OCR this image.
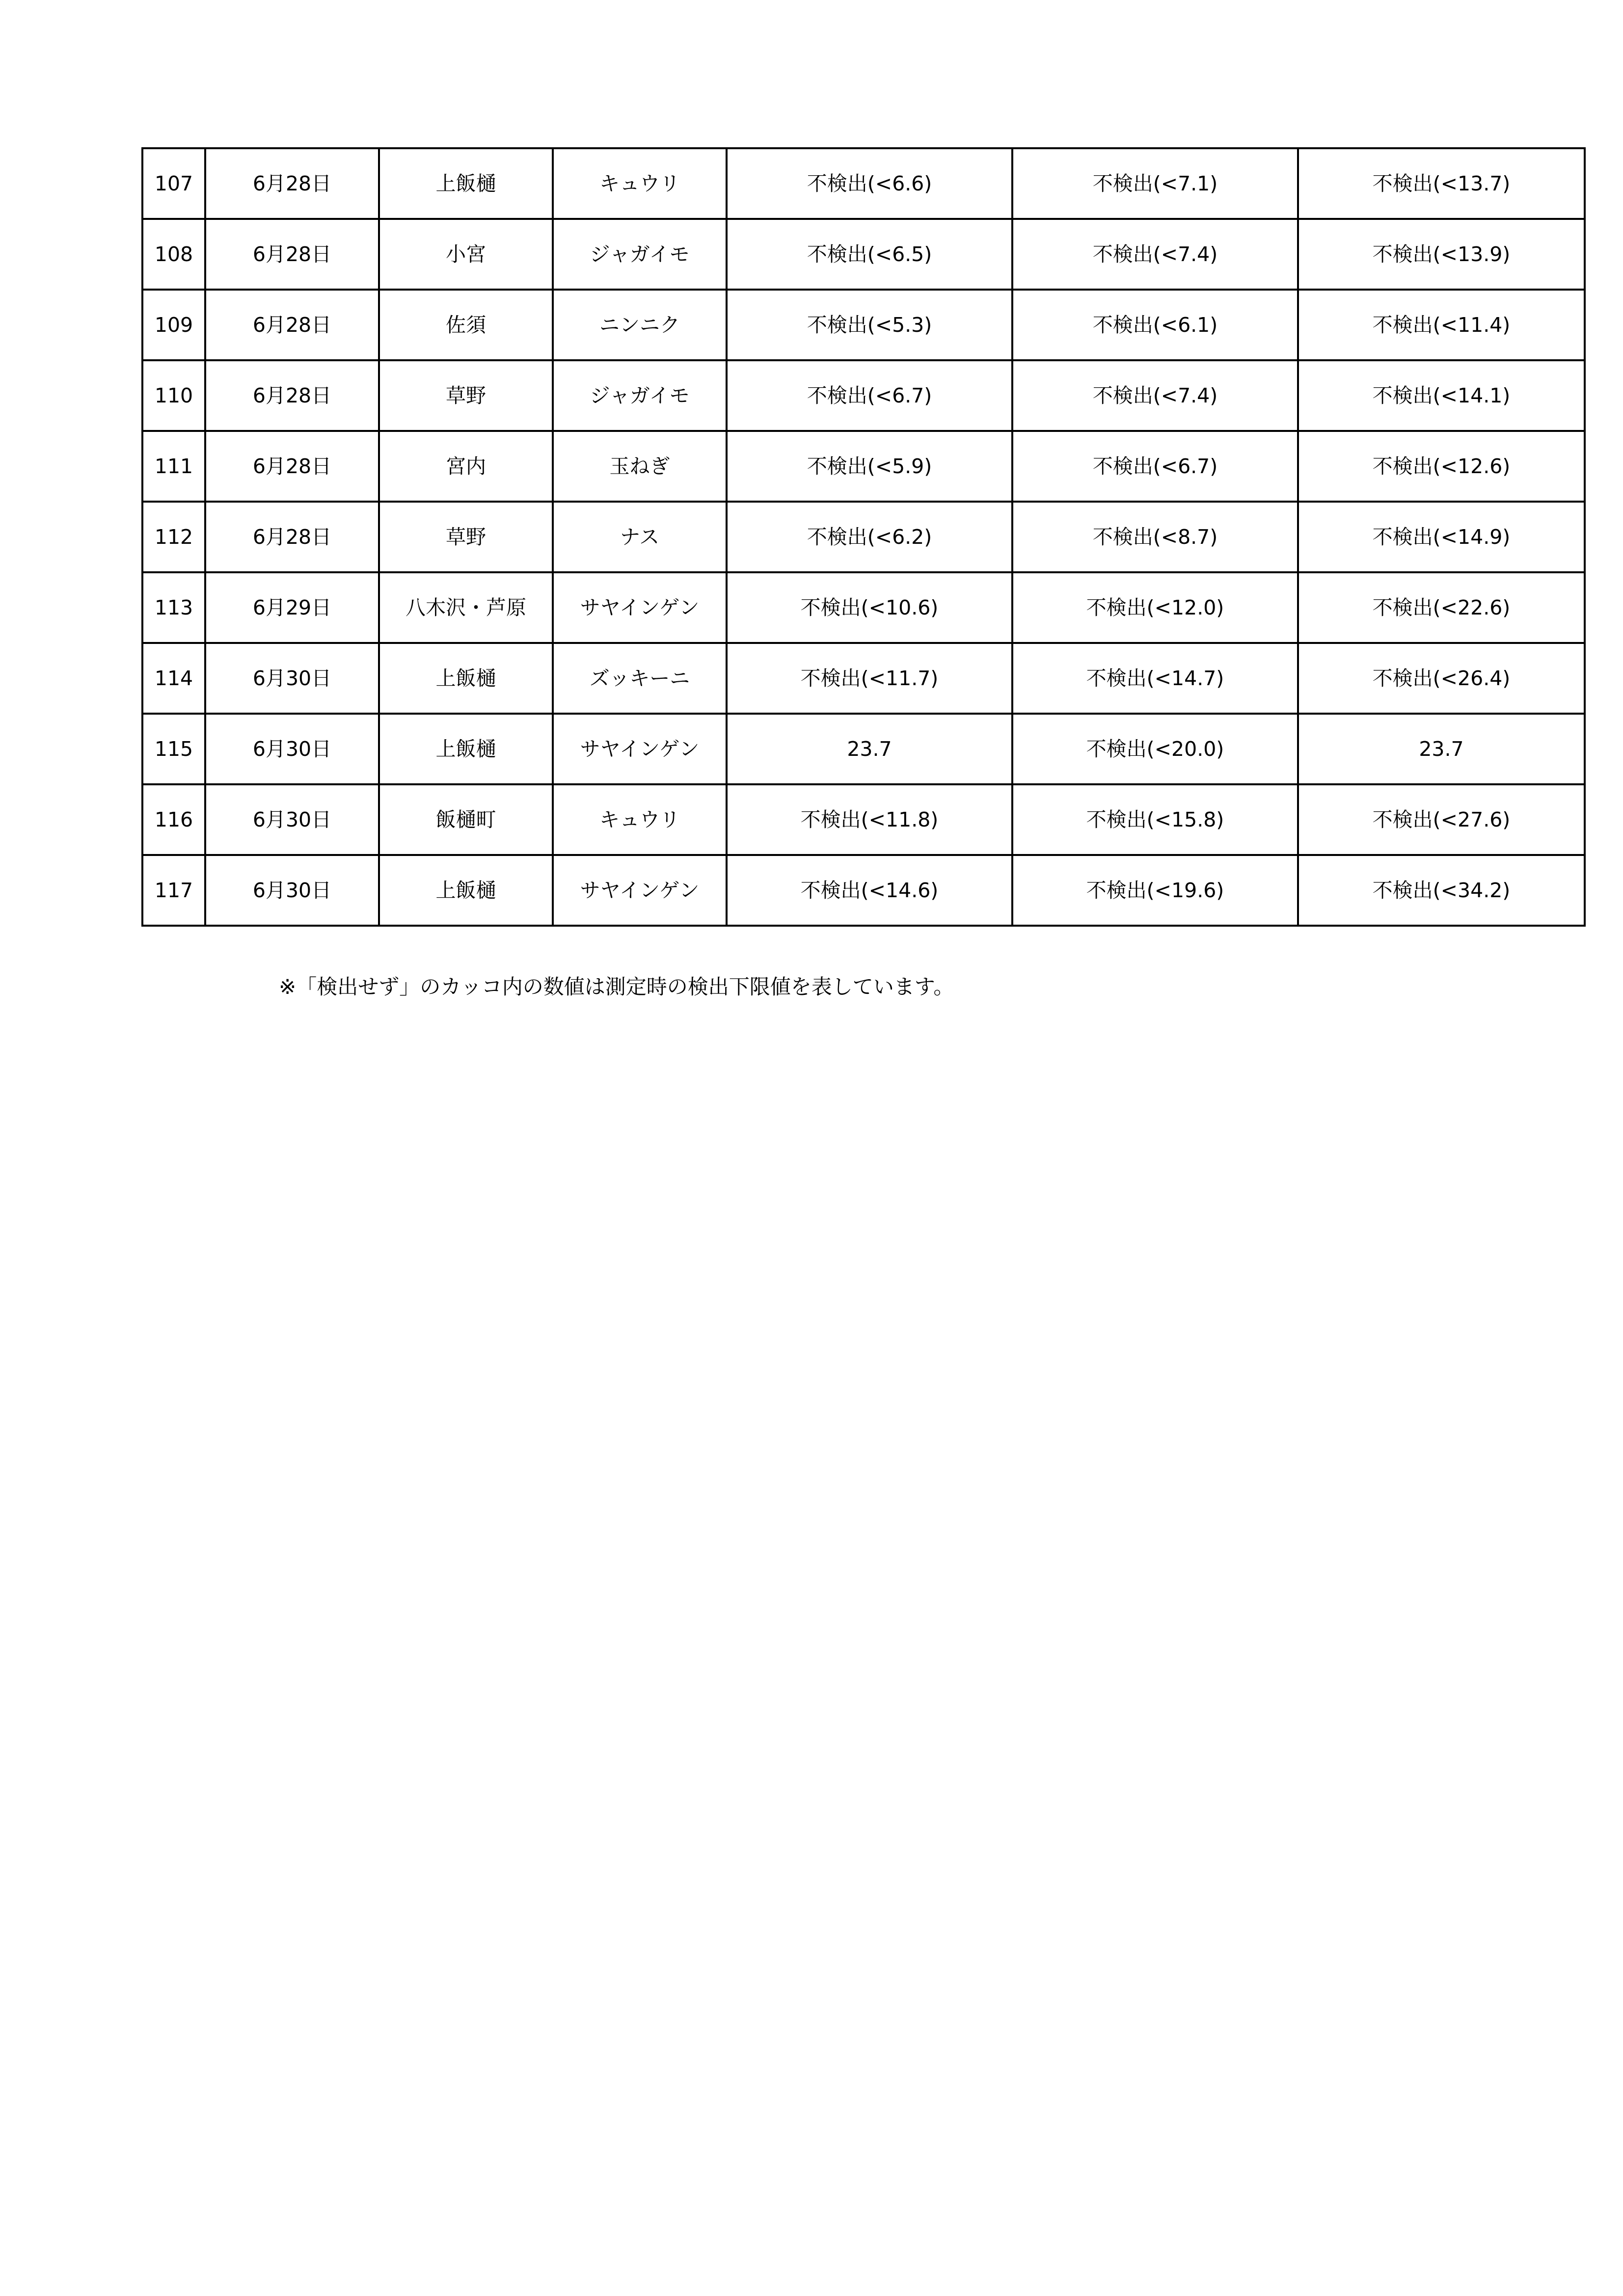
107	6月28日	上飯樋	キュウリ	不検出(<6.6)	不検出(<7.1)	不検出(<13.7)
108	6月28日	小宮	ジャガイモ	不検出(<6.5)	不検出(<7.4)	不検出(<13.9)
109	6月28日	佐須	ニンニク	不検出(<5.3)	不検出(<6.1)	不検出(<11.4)
110	6月28日	草野	ジャガイモ	不検出(<6.7)	不検出(<7.4)	不検出(<14.1)
111	6月28日	宮内	玉ねぎ	不検出(<5.9)	不検出(<6.7)	不検出(<12.6)
112	6月28日	草野	ナス	不検出(<6.2)	不検出(<8.7)	不検出(<14.9)
113	6月29日	八木沢・芦原	サヤインゲン	不検出(<10.6)	不検出(<12.0)	不検出(<22.6)
114	6月30日	上飯樋	ズッキーニ	不検出(<11.7)	不検出(<14.7)	不検出(<26.4)
115	6月30日	上飯樋	サヤインゲン	23.7	不検出(<20.0)	23.7
116	6月30日	飯樋町	キュウリ	不検出(<11.8)	不検出(<15.8)	不検出(<27.6)
117	6月30日	上飯樋	サヤインゲン	不検出(<14.6)	不検出(<19.6)	不検出(<34.2)
※「検出せず」のカッコ内の数値は測定時の検出下限値を表しています。
